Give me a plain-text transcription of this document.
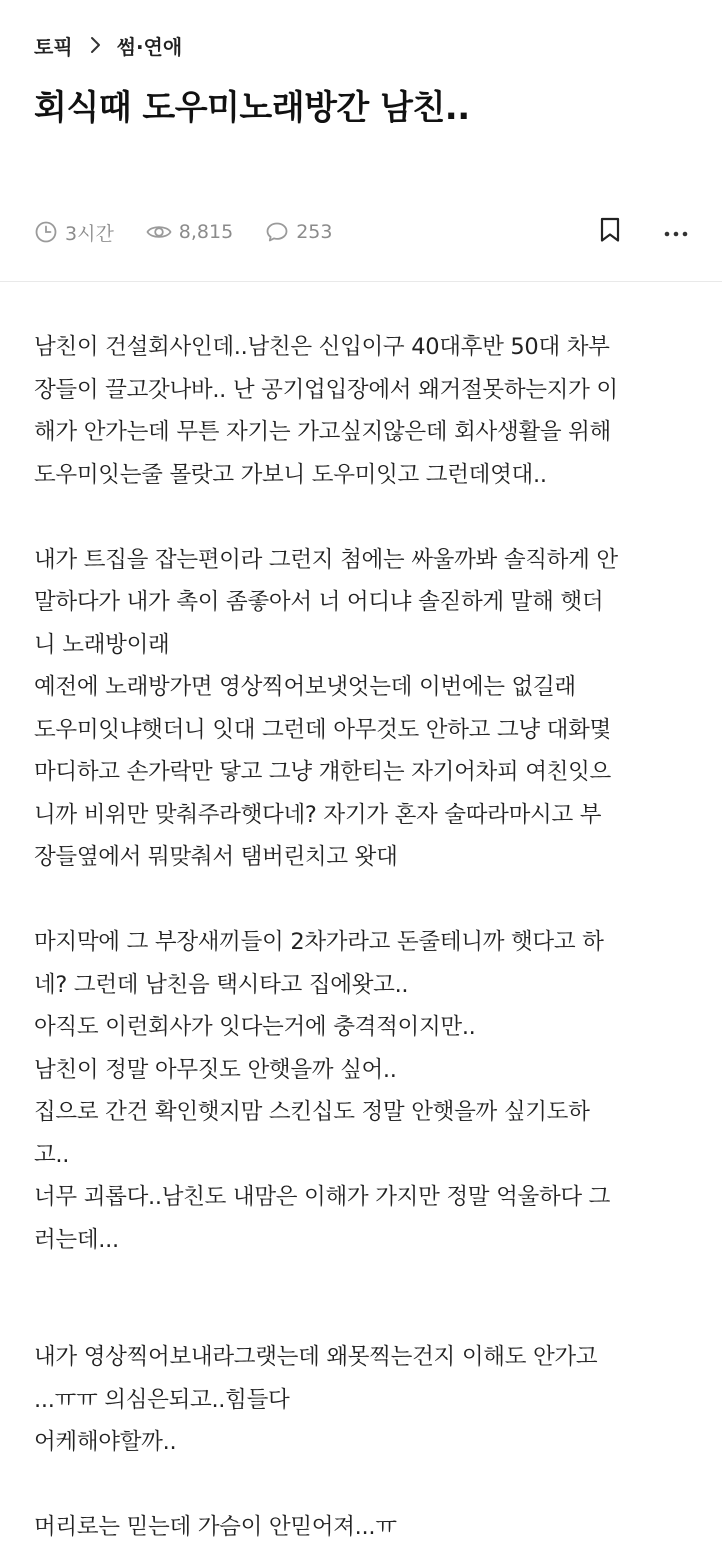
토픽 썸·연애
회식때 도우미노래방간 남친..
3시간	8,815	253
남친이 건설회사인데..남친은 신입이구 40대후반 50대 차부
장들이 끌고갓나바.. 난 공기업입장에서 왜거절못하는지가 이
해가 안가는데 무튼 자기는 가고싶지않은데 회사생활을 위해
도우미잇는줄 몰랏고 가보니 도우미잇고 그런데엿대..
내가 트집을 잡는편이라 그런지 첨에는 싸울까봐 솔직하게 안
말하다가 내가 촉이 좀좋아서 너 어디냐 솔짇하게 말해 햇더
니 노래방이래
예전에 노래방가면 영상찍어보냇엇는데 이번에는 없길래
도우미잇냐햇더니 잇대 그런데 아무것도 안하고 그냥 대화몇
마디하고 손가락만 닿고 그냥 걔한티는 자기어차피 여친잇으
니까 비위만 맞춰주라햇다네? 자기가 혼자 술따라마시고 부
장들옆에서 뭐맞춰서 탬버린치고 왓대
마지막에 그 부장새끼들이 2차가라고 돈줄테니까 햇다고 하
네? 그런데 남친음 택시타고 집에왓고..
아직도 이런회사가 잇다는거에 충격적이지만..
남친이 정말 아무짓도 안햇을까 싶어..
집으로 간건 확인햇지맘 스킨십도 정말 안햇을까 싶기도하
고..
너무 괴롭다..남친도 내맘은 이해가 가지만 정말 억울하다 그
러는데...
내가 영상찍어보내라그랫는데 왜못찍는건지 이해도 안가고
...ㅠㅠ 의심은되고..힘들다
어케해야할까..
머리로는 믿는데 가슴이 안믿어져...ㅠ
